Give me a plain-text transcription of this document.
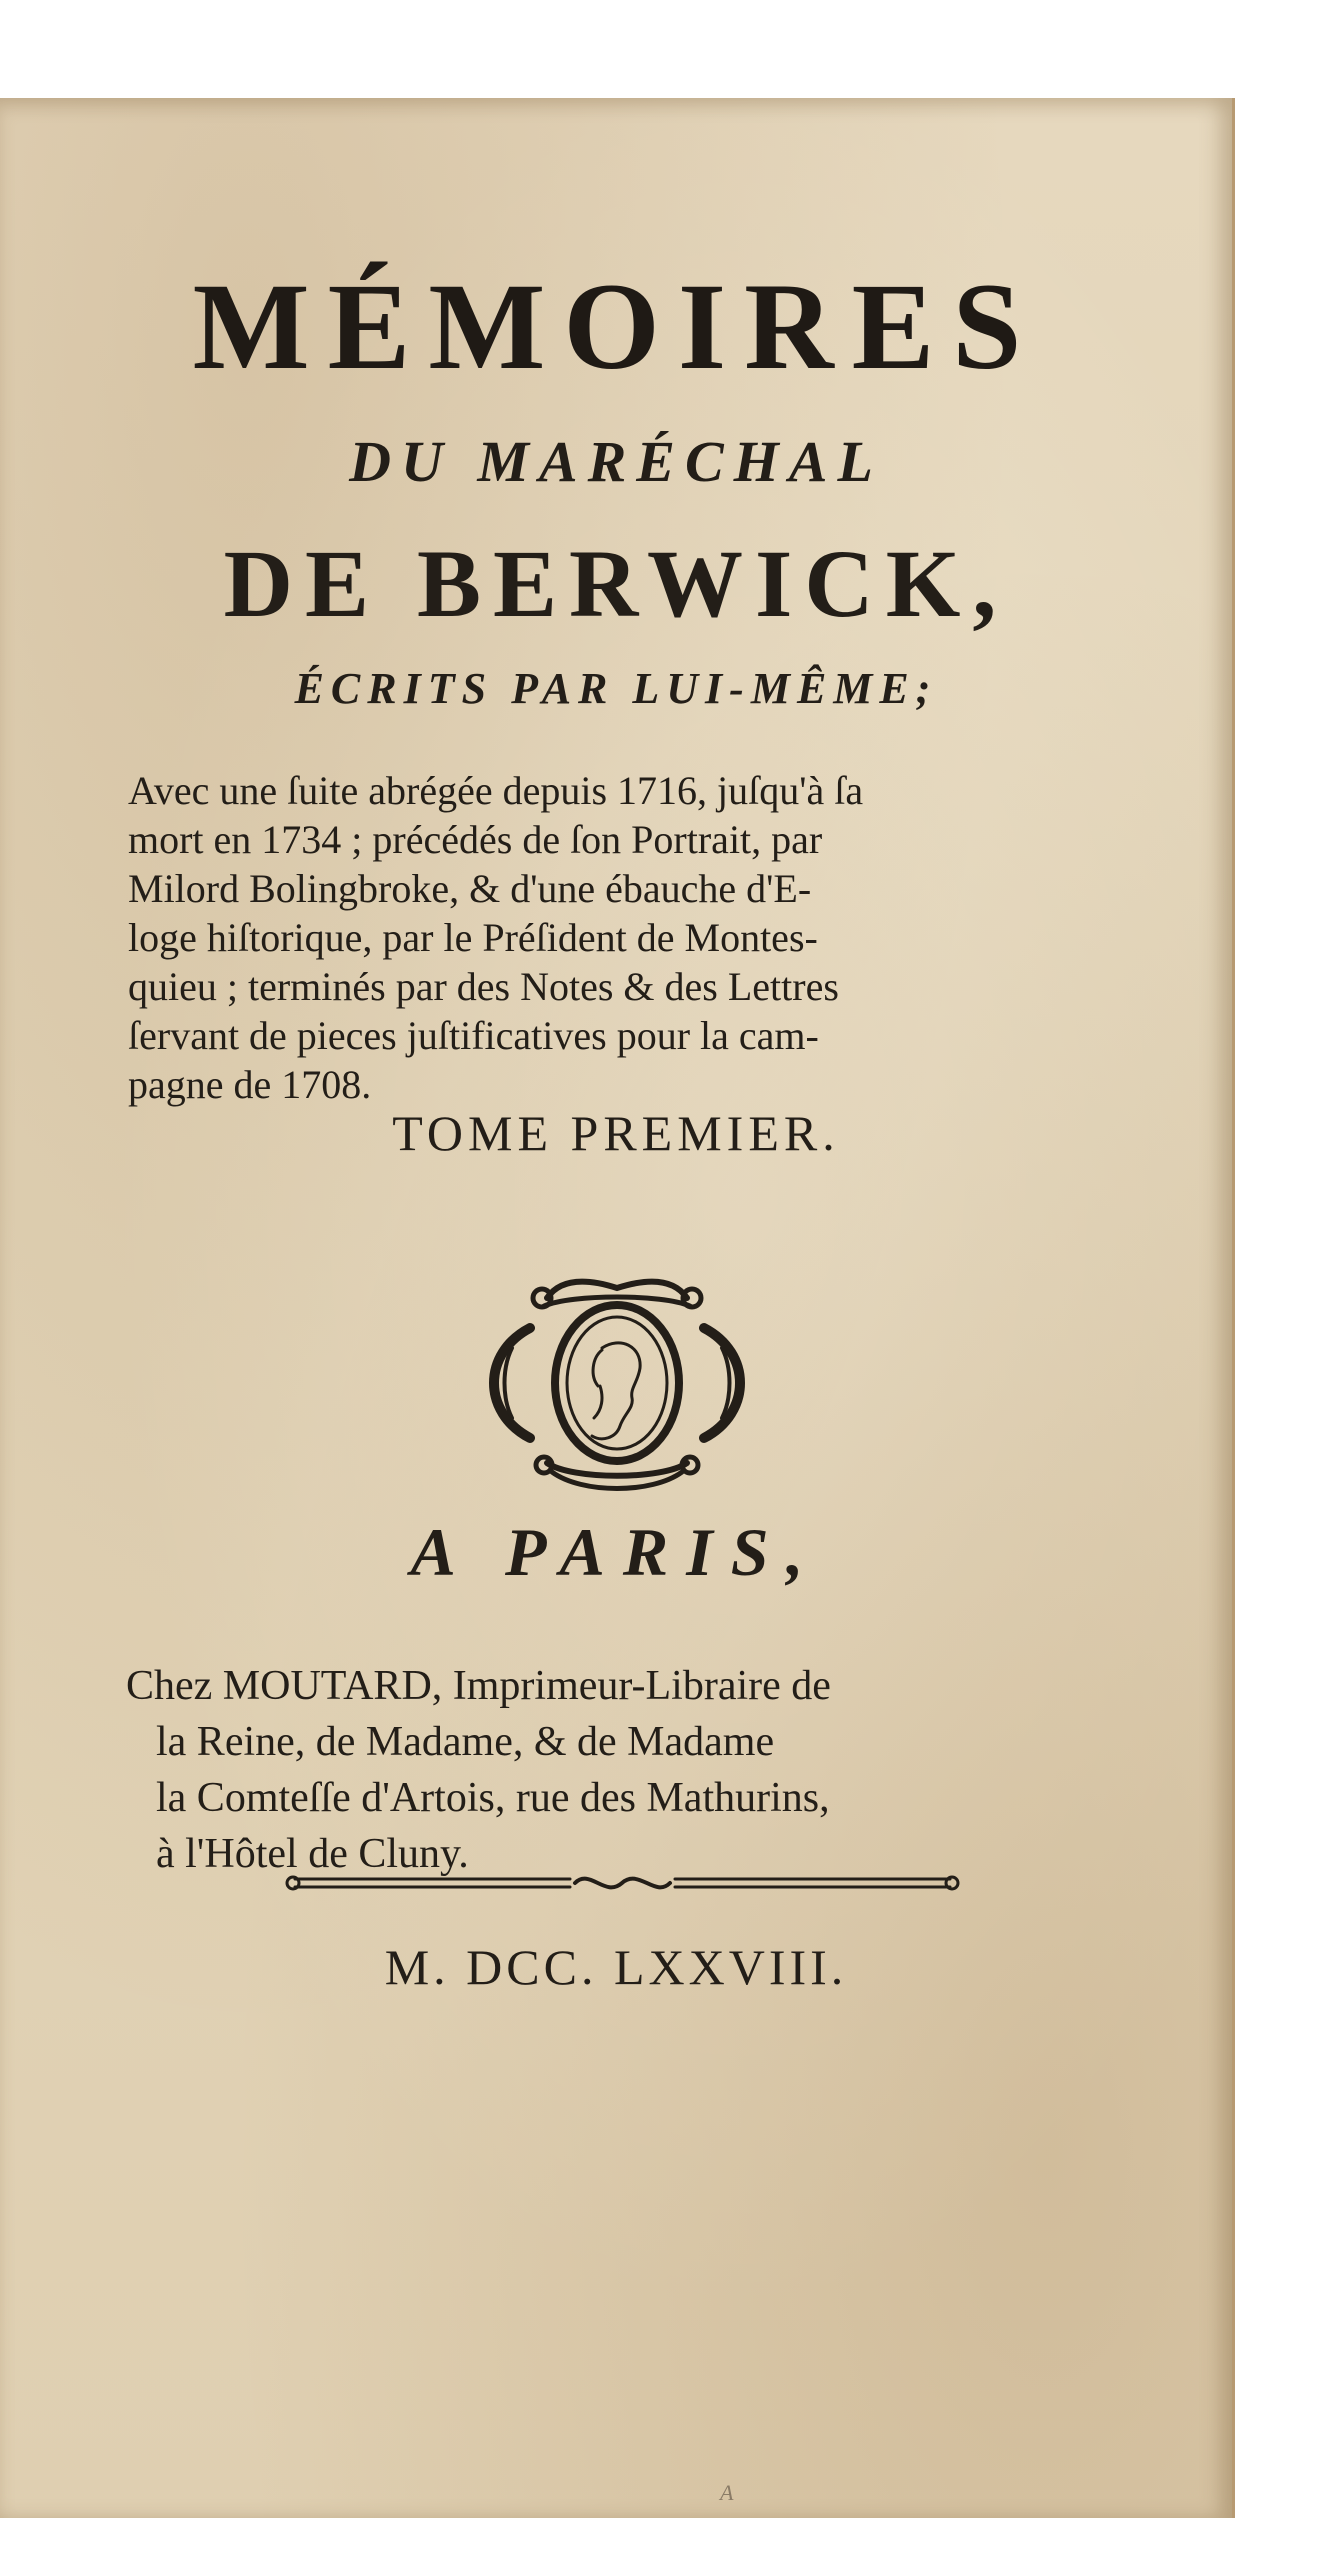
MÉMOIRES
DU MARÉCHAL
DE BERWICK,
ÉCRITS PAR LUI-MÊME;
Avec une ſuite abrégée depuis 1716, juſqu'à ſa
mort en 1734 ; précédés de ſon Portrait, par
Milord Bolingbroke, & d'une ébauche d'E-
loge hiſtorique, par le Préſident de Montes-
quieu ; terminés par des Notes & des Lettres
ſervant de pieces juſtificatives pour la cam-
pagne de 1708.
TOME PREMIER.
A PARIS,
Chez MOUTARD, Imprimeur-Libraire de
la Reine, de Madame, & de Madame
la Comteſſe d'Artois, rue des Mathurins,
à l'Hôtel de Cluny.
M. DCC. LXXVIII.
A
